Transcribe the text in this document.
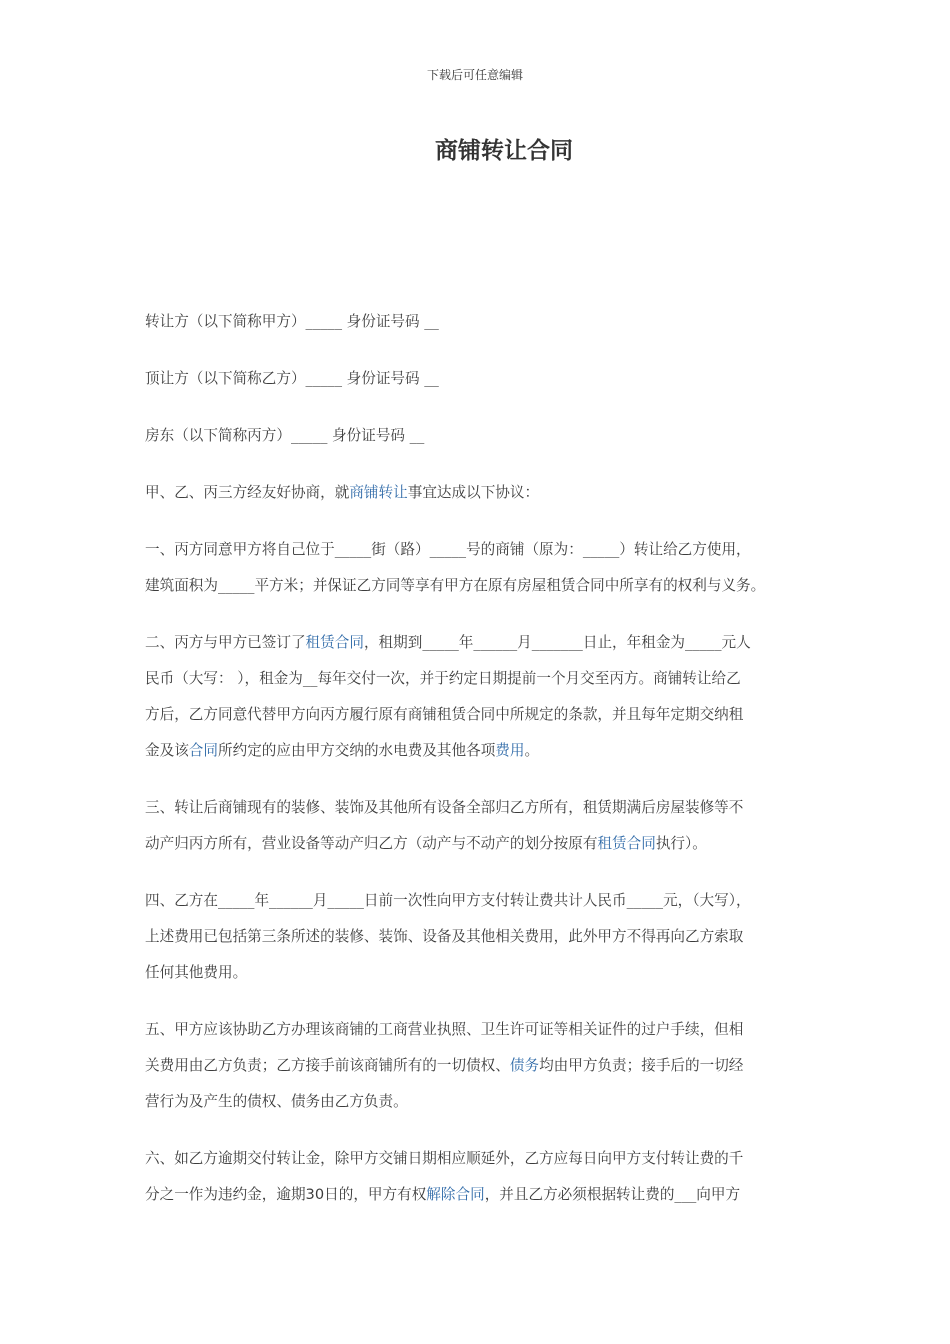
下载后可任意编辑
商铺转让合同

转让方（以下简称甲方）_____ 身份证号码 __

顶让方（以下简称乙方）_____ 身份证号码 __

房东（以下简称丙方）_____ 身份证号码 __

甲、乙、丙三方经友好协商，就商铺转让事宜达成以下协议：

一、丙方同意甲方将自己位于_____街（路）_____号的商铺（原为：_____）转让给乙方使用，
建筑面积为_____平方米；并保证乙方同等享有甲方在原有房屋租赁合同中所享有的权利与义务。

二、丙方与甲方已签订了租赁合同，租期到_____年______月_______日止，年租金为_____元人
民币（大写： ），租金为__每年交付一次，并于约定日期提前一个月交至丙方。商铺转让给乙
方后，乙方同意代替甲方向丙方履行原有商铺租赁合同中所规定的条款，并且每年定期交纳租
金及该合同所约定的应由甲方交纳的水电费及其他各项费用。

三、转让后商铺现有的装修、装饰及其他所有设备全部归乙方所有，租赁期满后房屋装修等不
动产归丙方所有，营业设备等动产归乙方（动产与不动产的划分按原有租赁合同执行）。

四、乙方在_____年______月_____日前一次性向甲方支付转让费共计人民币_____元，（大写），
上述费用已包括第三条所述的装修、装饰、设备及其他相关费用，此外甲方不得再向乙方索取
任何其他费用。

五、甲方应该协助乙方办理该商铺的工商营业执照、卫生许可证等相关证件的过户手续，但相
关费用由乙方负责；乙方接手前该商铺所有的一切债权、债务均由甲方负责；接手后的一切经
营行为及产生的债权、债务由乙方负责。

六、如乙方逾期交付转让金，除甲方交铺日期相应顺延外，乙方应每日向甲方支付转让费的千
分之一作为违约金，逾期30日的，甲方有权解除合同，并且乙方必须根据转让费的___向甲方
